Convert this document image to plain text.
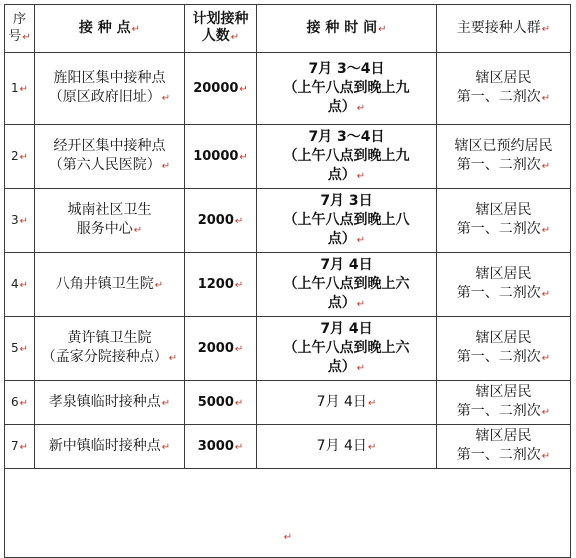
序号↵	接 种 点↵	计划接种人数↵	接 种 时 间↵	主要接种人群↵

1↵	旌阳区集中接种点
（原区政府旧址）↵	20000↵	7月 3～4日
（上午八点到晚上九
点）↵	辖区居民
第一、二剂次↵

2↵	经开区集中接种点
（第六人民医院）↵	10000↵	7月 3～4日
（上午八点到晚上九
点）↵	辖区已预约居民
第一、二剂次↵

3↵	城南社区卫生
服务中心↵	2000↵	7月 3日
（上午八点到晚上八
点）↵	辖区居民
第一、二剂次↵

4↵	八角井镇卫生院↵	1200↵	7月 4日
（上午八点到晚上六
点）↵	辖区居民
第一、二剂次↵

5↵	黄许镇卫生院
（孟家分院接种点）↵	2000↵	7月 4日
（上午八点到晚上六
点）↵	辖区居民
第一、二剂次↵

6↵	孝泉镇临时接种点↵	5000↵	7月 4日↵	辖区居民
第一、二剂次↵

7↵	新中镇临时接种点↵	3000↵	7月 4日↵	辖区居民
第一、二剂次↵

↵				
